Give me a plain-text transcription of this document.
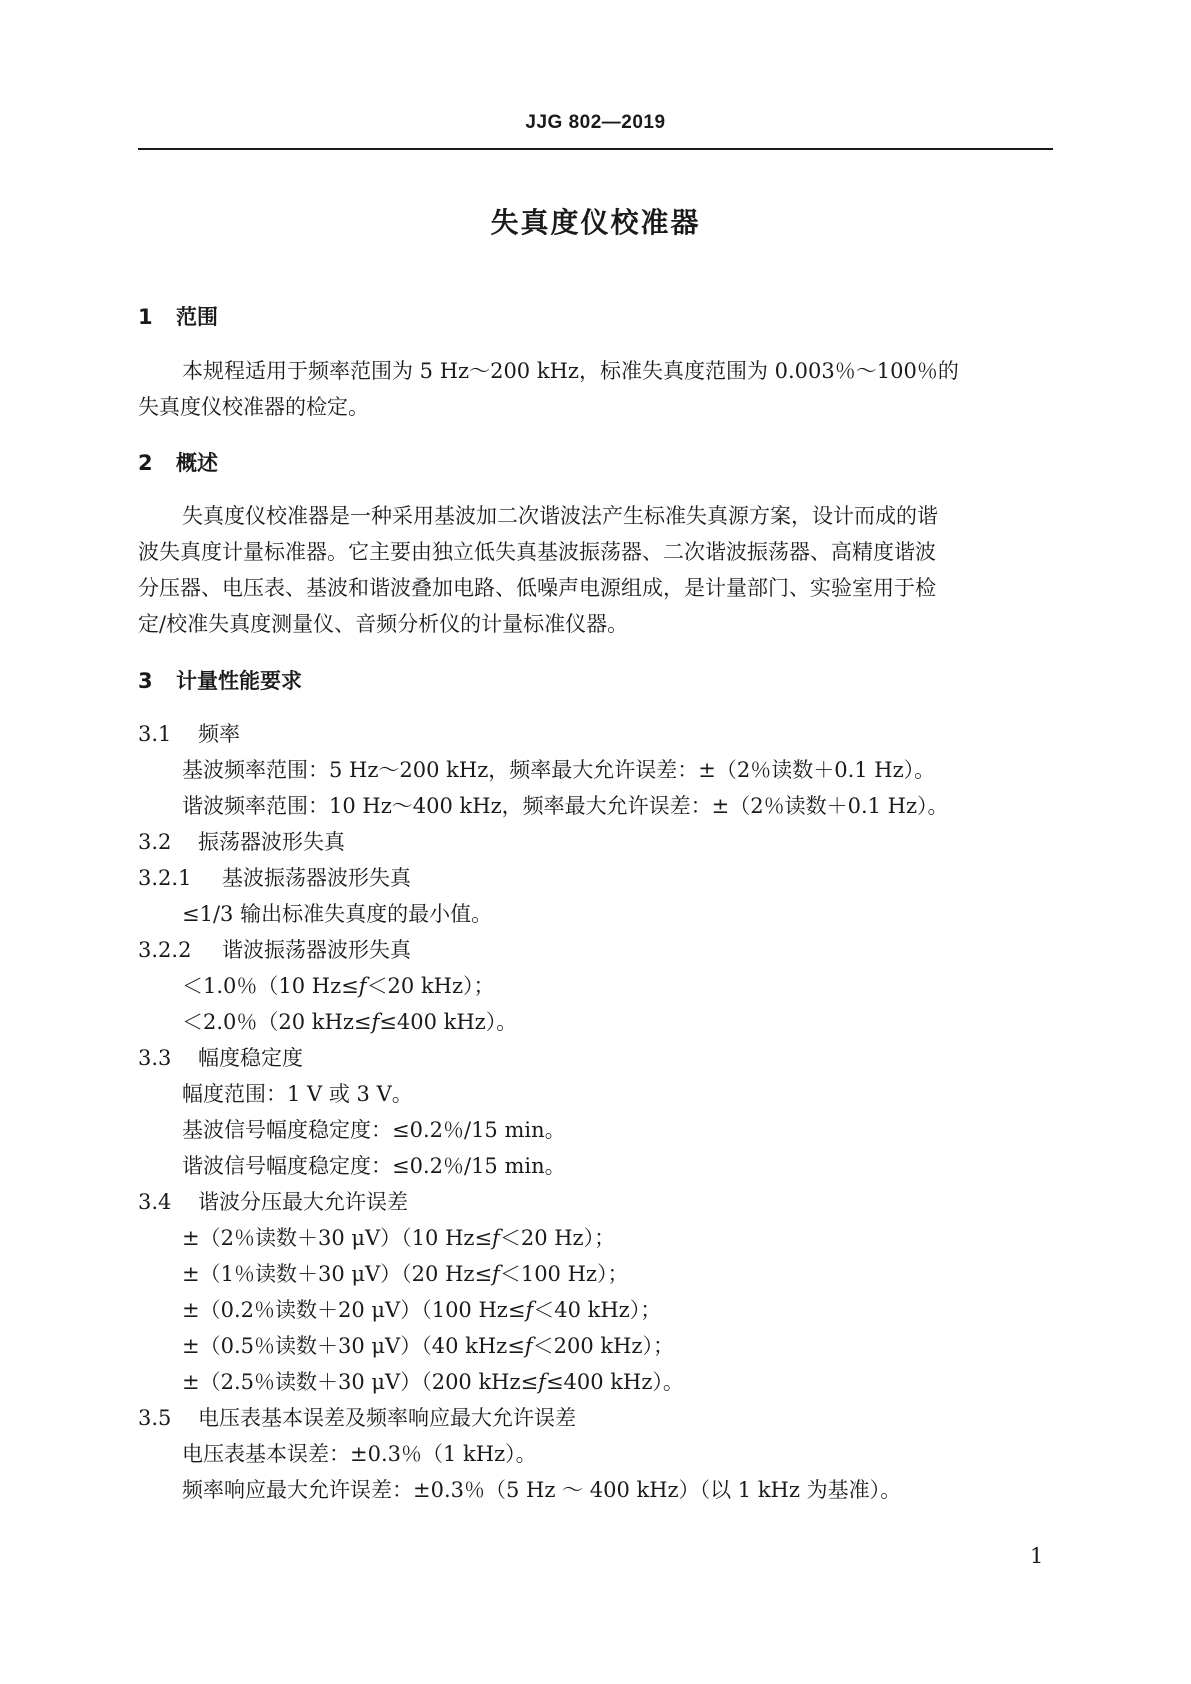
JJG 802—2019
失真度仪校准器
1 范围
本规程适用于频率范围为 5 Hz～200 kHz，标准失真度范围为 0.003％～100％的
失真度仪校准器的检定。
2 概述
失真度仪校准器是一种采用基波加二次谐波法产生标准失真源方案，设计而成的谐
波失真度计量标准器。它主要由独立低失真基波振荡器、二次谐波振荡器、高精度谐波
分压器、电压表、基波和谐波叠加电路、低噪声电源组成，是计量部门、实验室用于检
定/校准失真度测量仪、音频分析仪的计量标准仪器。
3 计量性能要求
3.1 频率
基波频率范围：5 Hz～200 kHz，频率最大允许误差：±（2％读数＋0.1 Hz）。
谐波频率范围：10 Hz～400 kHz，频率最大允许误差：±（2％读数＋0.1 Hz）。
3.2 振荡器波形失真
3.2.1 基波振荡器波形失真
≤1/3 输出标准失真度的最小值。
3.2.2 谐波振荡器波形失真
＜1.0％（10 Hz≤f＜20 kHz）；
＜2.0％（20 kHz≤f≤400 kHz）。
3.3 幅度稳定度
幅度范围：1 V 或 3 V。
基波信号幅度稳定度：≤0.2％/15 min。
谐波信号幅度稳定度：≤0.2％/15 min。
3.4 谐波分压最大允许误差
±（2％读数＋30 μV）（10 Hz≤f＜20 Hz）；
±（1％读数＋30 μV）（20 Hz≤f＜100 Hz）；
±（0.2％读数＋20 μV）（100 Hz≤f＜40 kHz）；
±（0.5％读数＋30 μV）（40 kHz≤f＜200 kHz）；
±（2.5％读数＋30 μV）（200 kHz≤f≤400 kHz）。
3.5 电压表基本误差及频率响应最大允许误差
电压表基本误差：±0.3％（1 kHz）。
频率响应最大允许误差：±0.3％（5 Hz ～ 400 kHz）（以 1 kHz 为基准）。
1
